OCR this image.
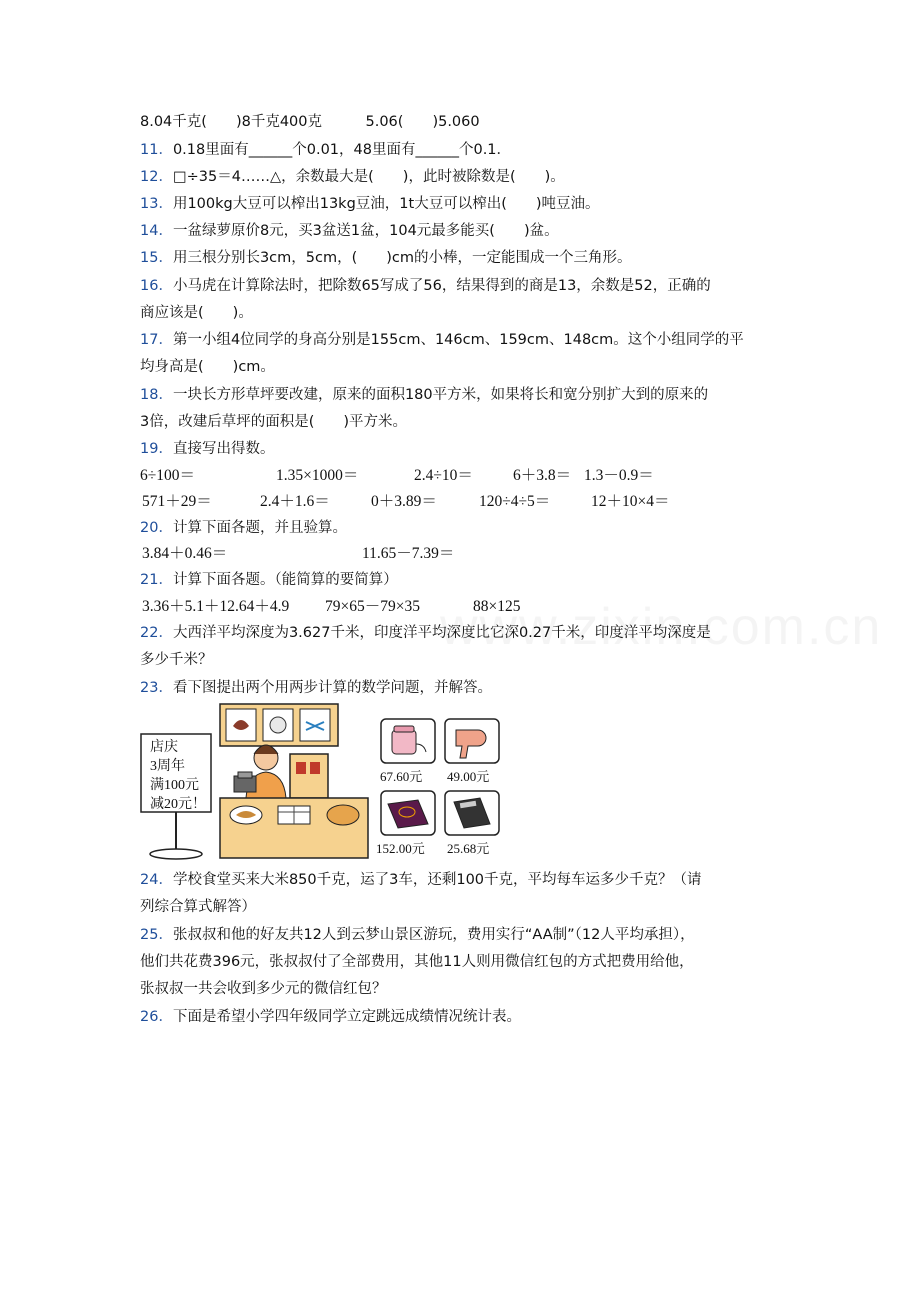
8.04千克(　　)8千克400克　　　5.06(　　)5.060
11．0.18里面有______个0.01，48里面有______个0.1．
12．□÷35＝4……△，余数最大是(　　)，此时被除数是(　　)。
13．用100kg大豆可以榨出13kg豆油，1t大豆可以榨出(　　)吨豆油。
14．一盆绿萝原价8元，买3盆送1盆，104元最多能买(　　)盆。
15．用三根分别长3cm，5cm，(　　)cm的小棒，一定能围成一个三角形。
16．小马虎在计算除法时，把除数65写成了56，结果得到的商是13，余数是52，正确的
商应该是(　　)。
17．第一小组4位同学的身高分别是155cm、146cm、159cm、148cm。这个小组同学的平
均身高是(　　)cm。
18．一块长方形草坪要改建，原来的面积180平方米，如果将长和宽分别扩大到的原来的
3倍，改建后草坪的面积是(　　)平方米。
19．直接写出得数。
6÷100＝	1.35×1000＝	2.4÷10＝	6＋3.8＝ 1.3－0.9＝
571＋29＝	2.4＋1.6＝	0＋3.89＝	120÷4÷5＝	12＋10×4＝
20．计算下面各题，并且验算。
3.84＋0.46＝	11.65－7.39＝
21．计算下面各题。（能简算的要简算）
3.36＋5.1＋12.64＋4.9 79×65－79×35	88×125
22．大西洋平均深度为3.627千米，印度洋平均深度比它深0.27千米，印度洋平均深度是
多少千米？
23．看下图提出两个用两步计算的数学问题，并解答。
店庆
3周年
满100元
减20元！
67.60元 49.00元
152.00元 25.68元
24．学校食堂买来大米850千克，运了3车，还剩100千克，平均每车运多少千克？（请
列综合算式解答）
25．张叔叔和他的好友共12人到云梦山景区游玩，费用实行“AA制”（12人平均承担），
他们共花费396元，张叔叔付了全部费用，其他11人则用微信红包的方式把费用给他，
张叔叔一共会收到多少元的微信红包？
26．下面是希望小学四年级同学立定跳远成绩情况统计表。
